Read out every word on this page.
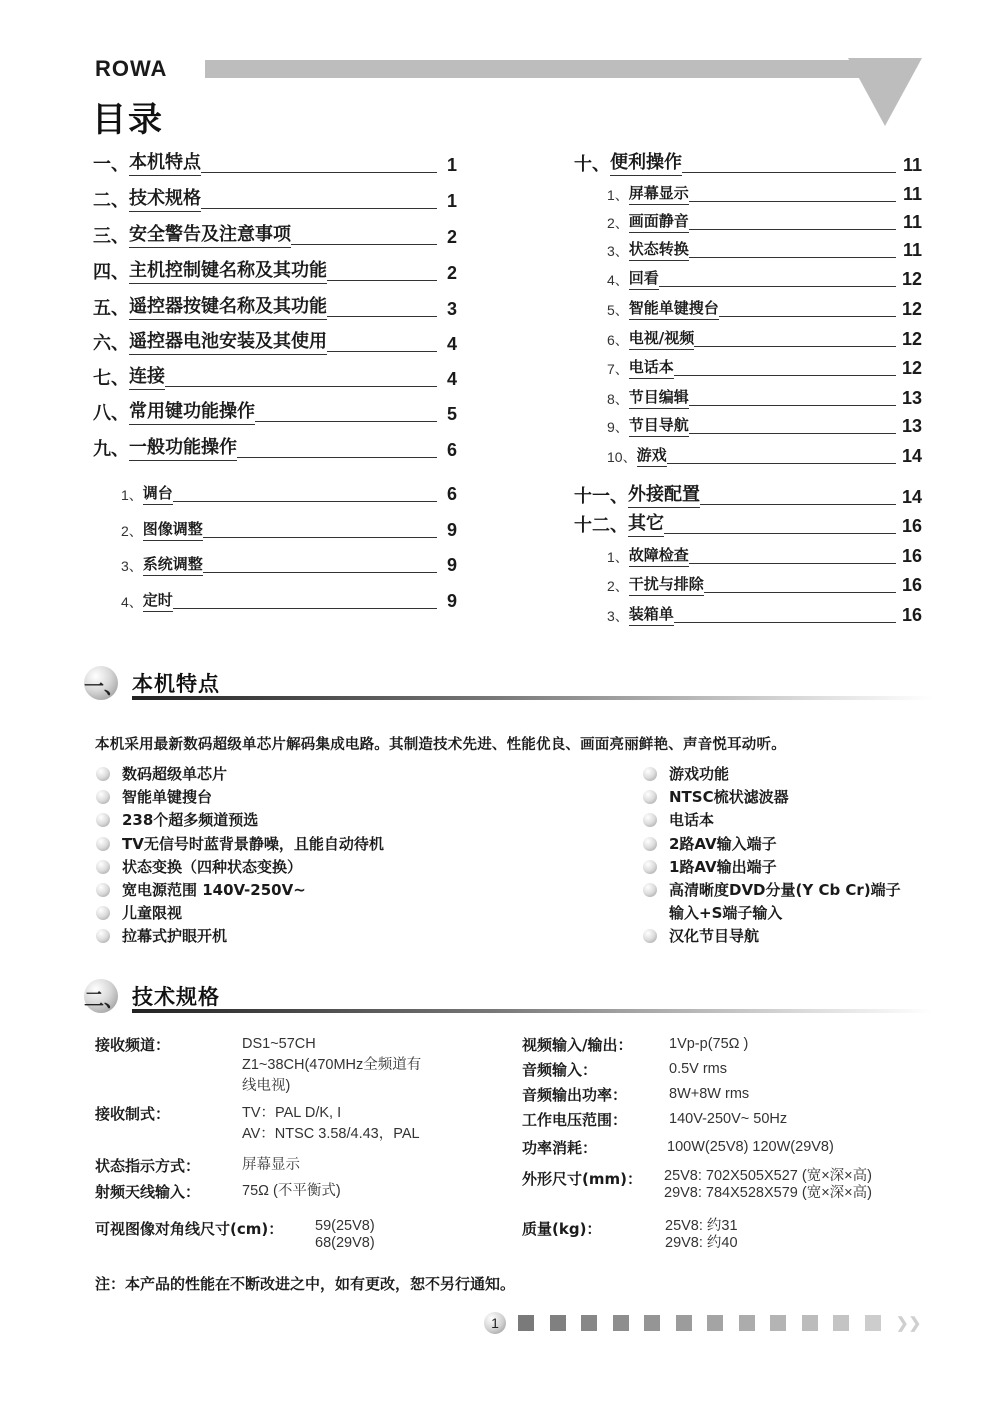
ROWA
目录
一、 本机特点	1
二、 技术规格	1
三、 安全警告及注意事项	2
四、 主机控制键名称及其功能	2
五、 遥控器按键名称及其功能	3
六、 遥控器电池安装及其使用	4
七、 连接	4
八、 常用键功能操作	5
九、 一般功能操作	6
1、 调台	6
2、 图像调整	9
3、 系统调整	9
4、 定时	9
十、 便利操作	11
1、 屏幕显示	11
2、 画面静音	11
3、 状态转换	11
4、 回看	12
5、 智能单键搜台	12
6、 电视/视频	12
7、 电话本	12
8、 节目编辑	13
9、 节目导航	13
10、 游戏	14
十一、 外接配置	14
十二、 其它	16
1、 故障检查	16
2、 干扰与排除	16
3、 装箱单	16
一、 本机特点
本机采用最新数码超级单芯片解码集成电路。其制造技术先进、性能优良、画面亮丽鲜艳、声音悦耳动听。
数码超级单芯片
智能单键搜台
238个超多频道预选
TV无信号时蓝背景静噪，且能自动待机
状态变换（四种状态变换）
宽电源范围 140V-250V~
儿童限视
拉幕式护眼开机
游戏功能
NTSC梳状滤波器
电话本
2路AV输入端子
1路AV输出端子
高清晰度DVD分量(Y Cb Cr)端子
输入+S端子输入
汉化节目导航
二、 技术规格
接收频道：	DS1~57CH
Z1~38CH(470MHz全频道有
线电视)
接收制式：	TV：PAL D/K, I
AV：NTSC 3.58/4.43，PAL
状态指示方式：	屏幕显示
射频天线输入：	75Ω (不平衡式)
可视图像对角线尺寸(cm)： 59(25V8)
68(29V8)
视频输入/输出：	1Vp-p(75Ω )
音频输入：	0.5V rms
音频输出功率：	8W+8W rms
工作电压范围：	140V-250V~ 50Hz
功率消耗：	100W(25V8) 120W(29V8)
外形尺寸(mm)： 25V8: 702X505X527 (宽×深×高)
29V8: 784X528X579 (宽×深×高)
质量(kg)：	25V8: 约31
29V8: 约40
注：本产品的性能在不断改进之中，如有更改，恕不另行通知。
1	❯❯
